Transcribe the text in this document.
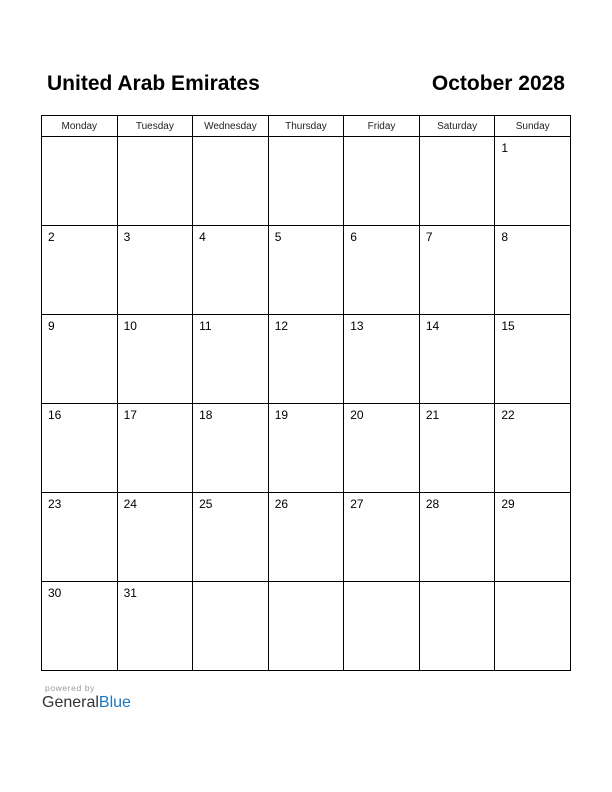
United Arab Emirates	October 2028
Monday	Tuesday	Wednesday	Thursday	Friday	Saturday	Sunday

						1

2	3	4	5	6	7	8

9	10	11	12	13	14	15

16	17	18	19	20	21	22

23	24	25	26	27	28	29

30	31					

powered by
GeneralBlue
